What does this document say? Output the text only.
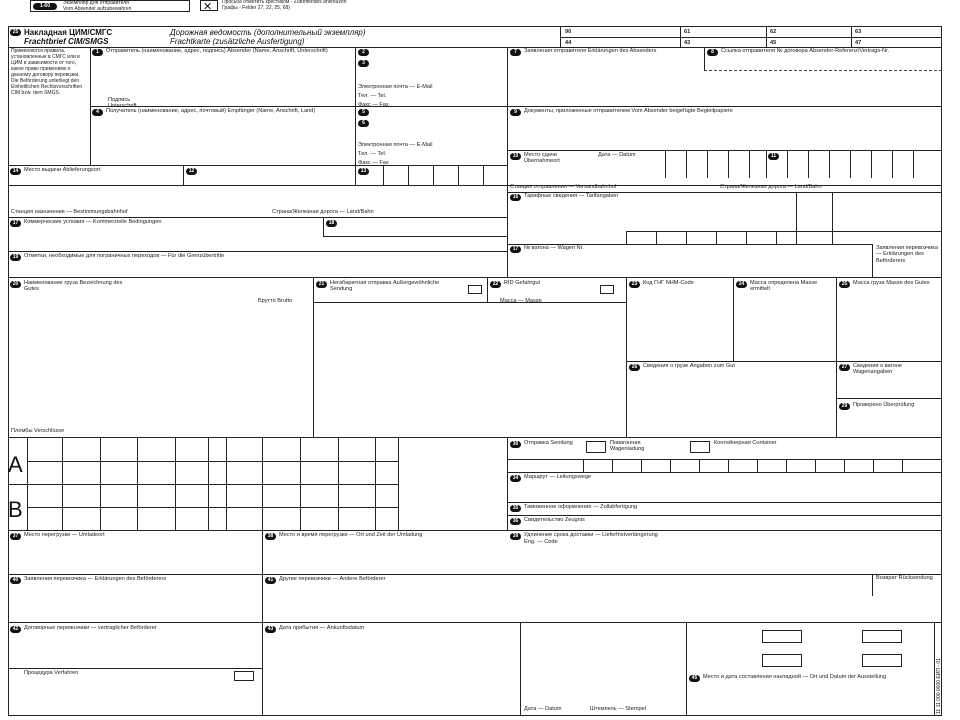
1-60	Экземпляр для отправителя
Vorn Absender aufzubewahren	✕ Просьба отметить крестиком - Zutreffendes ankreuzen
Графы - Felder 27, 22, 25, 68)
25 Накладная ЦИМ/СМГС
Frachtbrief CIM/SMGS
Дорожная ведомость (дополнительный экземпляр)
Frachtkarte (zusätzliche Ausfertigung)
90	61	62	63
44	43	45	47
Применяются правила, установленные в СМГС или в ЦИМ в зависимости от того, какое право применимо к данному договору перевозки. Die Beförderung unterliegt den Einheitlichen Rechtsvorschriften CIM bzw. dem SMGS.
1	Отправитель (наименование, адрес, подпись) Absender (Name, Anschrift, Unterschrift)
Подпись Unterschrift
2
3
Электронная почта — E-Mail
Тел. — Tel.
Факс — Fax
4	Получатель (наименование, адрес, почтовый) Empfänger (Name, Anschrift, Land)	5
6
Электронная почта — E-Mail
Тел. — Tel.
Факс — Fax
7	Заявления отправителя Erklärungen des Absenders	8	Ссылка отправителя № договора Absender-Referenz/Vertrags-Nr.
9	Документы, приложенные отправителем Vom Absender beigefügte Begleitpapiere
10	Место сдачи Übernahmeort
Дата — Datum	11
14	Место выдачи Ablieferungsort	12	13
Станция отправления — Versandbahnhof	Страна/Железная дорога — Land/Bahn
Станция назначения — Bestimmungsbahnhof	Страна/Железная дорога — Land/Bahn
16	Тарифные сведения — Tarifangaben
17	№ вагона — Wagen Nr.	Заявления перевозчика — Erklärungen des Beförderers
17	Коммерческие условия — Kommerzielle Bedingungen	18
19	Отметки, необходимые для пограничных переходов — Für die Grenzübertritte
20	Наименование груза Bezeichnung des Gutes
21	Негабаритная отправка Außergewöhnliche Sendung
22	RID Gefahrgut
Брутто Brutto	Масса — Masse
23	Код ГНГ NHM-Code	24	Масса определена Masse ermittelt
25	Масса груза Masse des Gutes
26	Сведения о грузе Angaben zum Gut	27	Сведения о вагоне Wagenangaben
29	Проверено Überprüfung
Пломбы Verschlüsse
A
B
30	Отправка Sendung	Повагонная Wagenladung
Контейнерная Container
34	Маршрут — Leitungswege
35	Таможенное оформление — Zollabfertigung
36	Свидетельство Zeugnis
37	Место перегрузки — Umladeort	38	Место и время перегрузки — Ort und Zeit der Umladung	39	Удлинение срока доставки — Lieferfristverlängerung
Eng. — Code
40	Заявления перевозчика — Erklärungen des Beförderers	41	Другие перевозчики — Andere Beförderer	Возврат Rücksendung
42	Договорные перевозчики — vertraglicher Beförderer	43	Дата прибытия — Ankunftsdatum
Процедура Verfahren
Дата — Datum	Штемпель — Stempel
45	Место и дата составления накладной — Ort und Datum der Ausstellung	11 11 000 0000 ЕИП - 01
